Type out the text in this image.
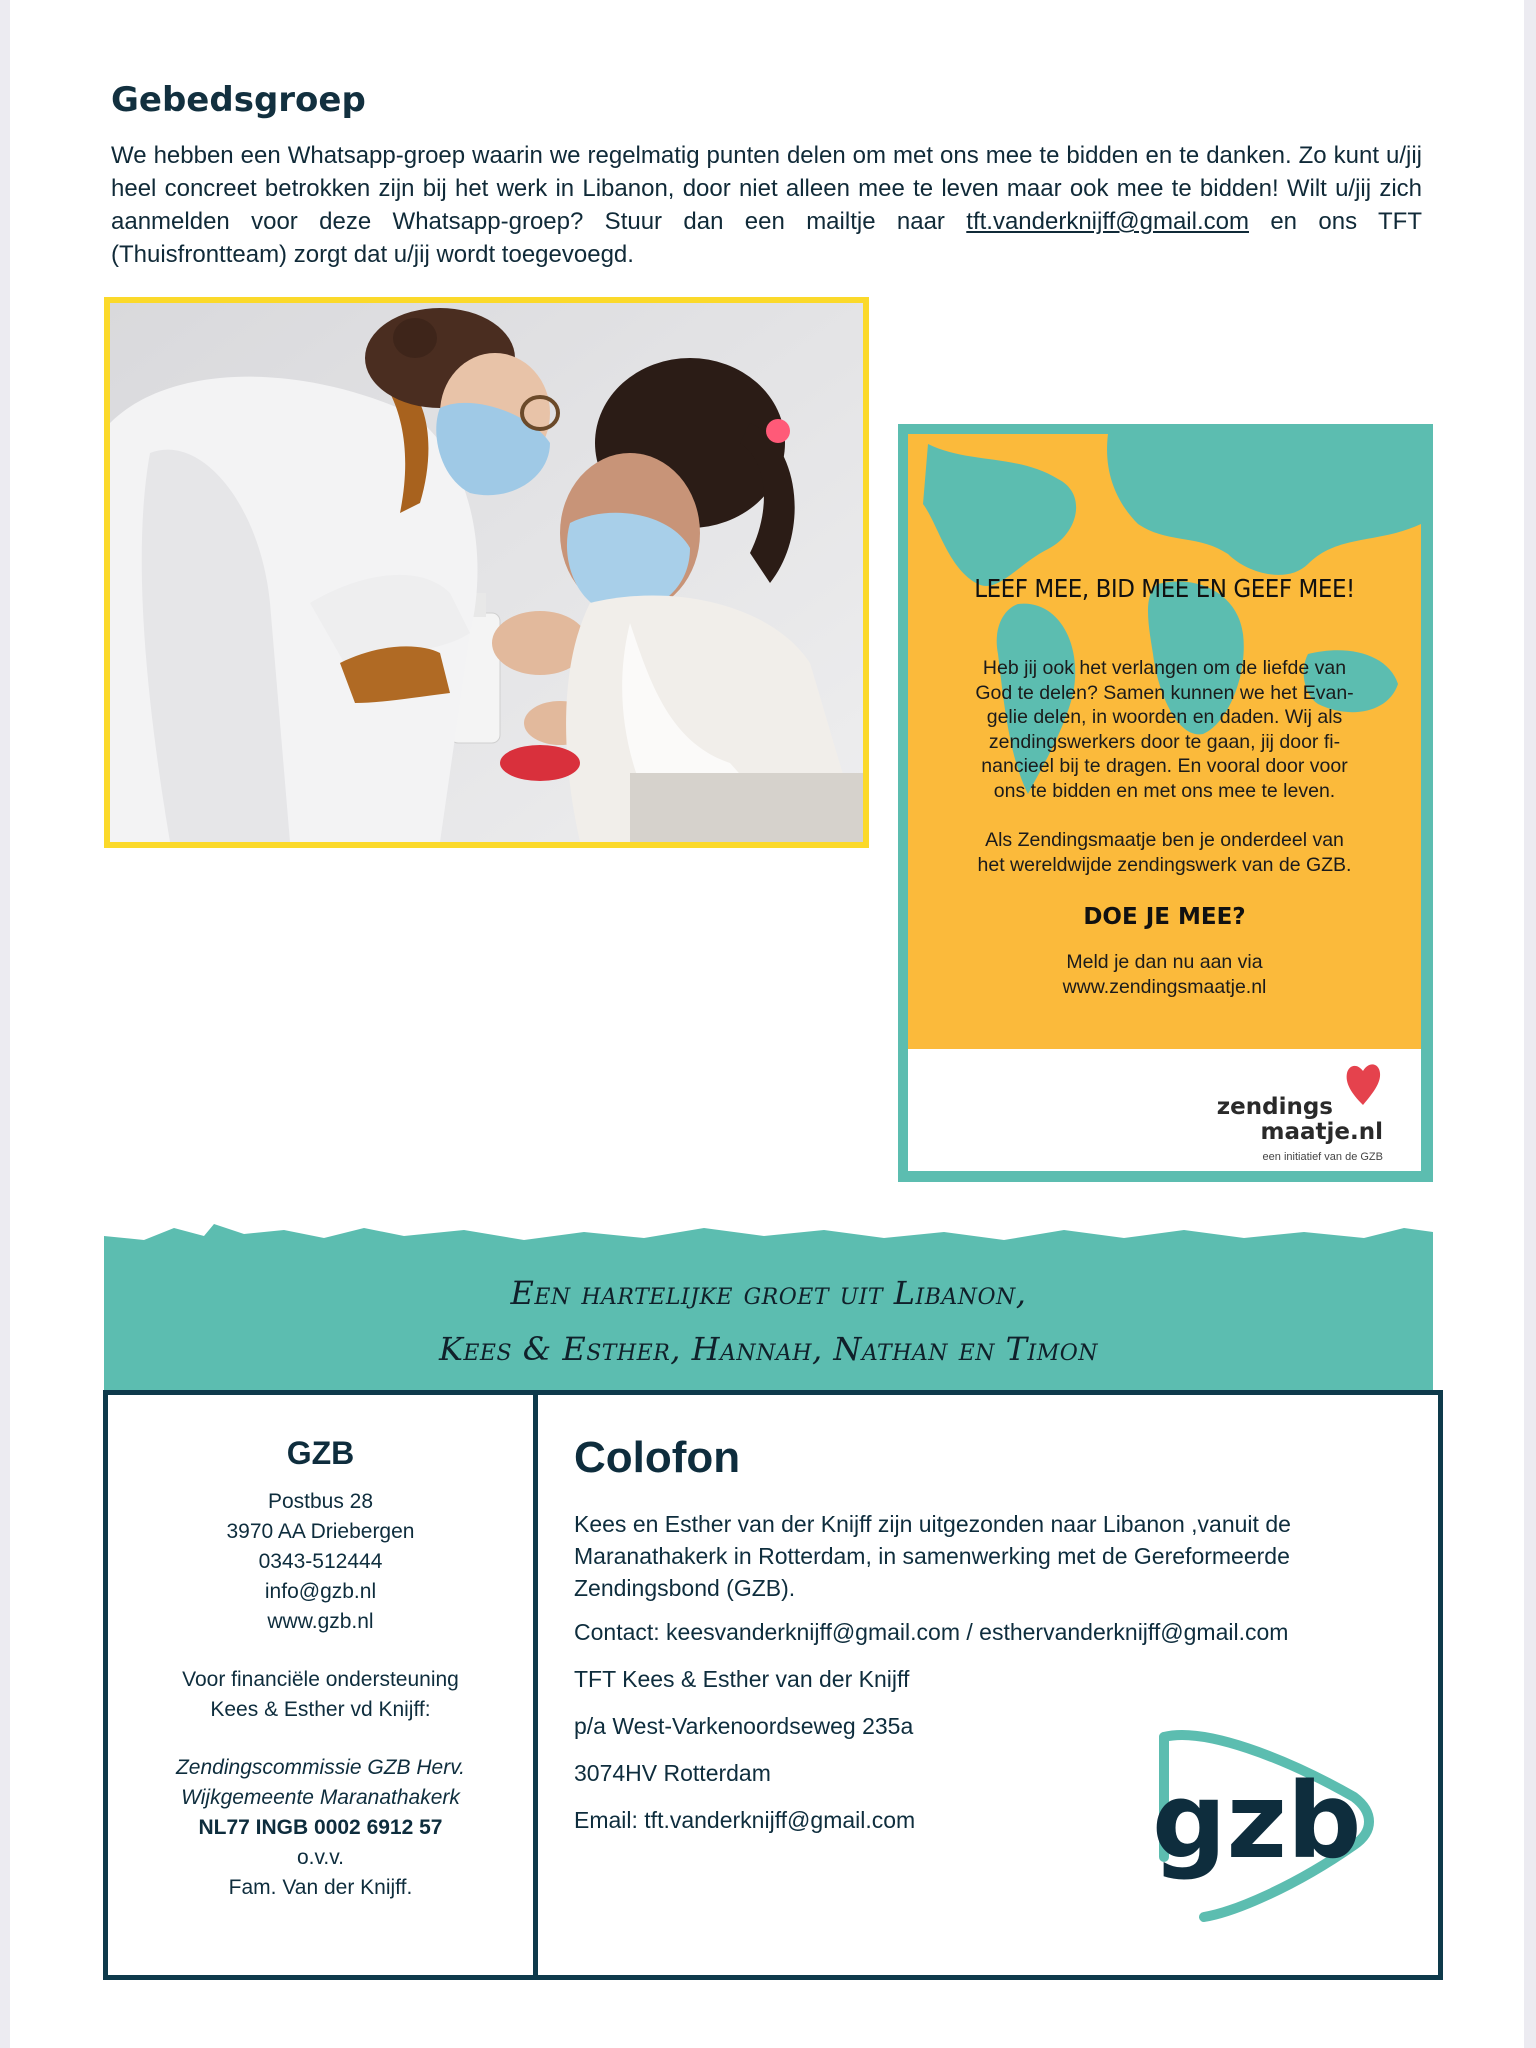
Gebedsgroep

We hebben een Whatsapp-groep waarin we regelmatig punten delen om met ons mee te bidden en te danken. Zo kunt u/jij heel concreet betrokken zijn bij het werk in Libanon, door niet alleen mee te leven maar ook mee te bidden! Wilt u/jij zich aanmelden voor deze Whatsapp-groep? Stuur dan een mailtje naar tft.vanderknijff@gmail.com en ons TFT (Thuisfrontteam) zorgt dat u/jij wordt toegevoegd.

LEEF MEE, BID MEE EN GEEF MEE!
Heb jij ook het verlangen om de liefde van
God te delen? Samen kunnen we het Evan-
gelie delen, in woorden en daden. Wij als
zendingswerkers door te gaan, jij door fi-
nancieel bij te dragen. En vooral door voor
ons te bidden en met ons mee te leven.
Als Zendingsmaatje ben je onderdeel van
het wereldwijde zendingswerk van de GZB.
DOE JE MEE?
Meld je dan nu aan via
www.zendingsmaatje.nl
zendings
maatje.nl
een initiatief van de GZB
Een hartelijke groet uit Libanon,
Kees & Esther, Hannah, Nathan en Timon
GZB
Postbus 28
3970 AA Driebergen
0343-512444
info@gzb.nl
www.gzb.nl
Voor financiële ondersteuning
Kees & Esther vd Knijff:
Zendingscommissie GZB Herv.
Wijkgemeente Maranathakerk
NL77 INGB 0002 6912 57
o.v.v.
Fam. Van der Knijff.
Colofon

Kees en Esther van der Knijff zijn uitgezonden naar Libanon ,vanuit de Maranathakerk in Rotterdam, in samenwerking met de Gereformeerde Zendingsbond (GZB).

Contact: keesvanderknijff@gmail.com / esthervanderknijff@gmail.com
TFT Kees & Esther van der Knijff
p/a West-Varkenoordseweg 235a
3074HV Rotterdam
Email: tft.vanderknijff@gmail.com gzb
